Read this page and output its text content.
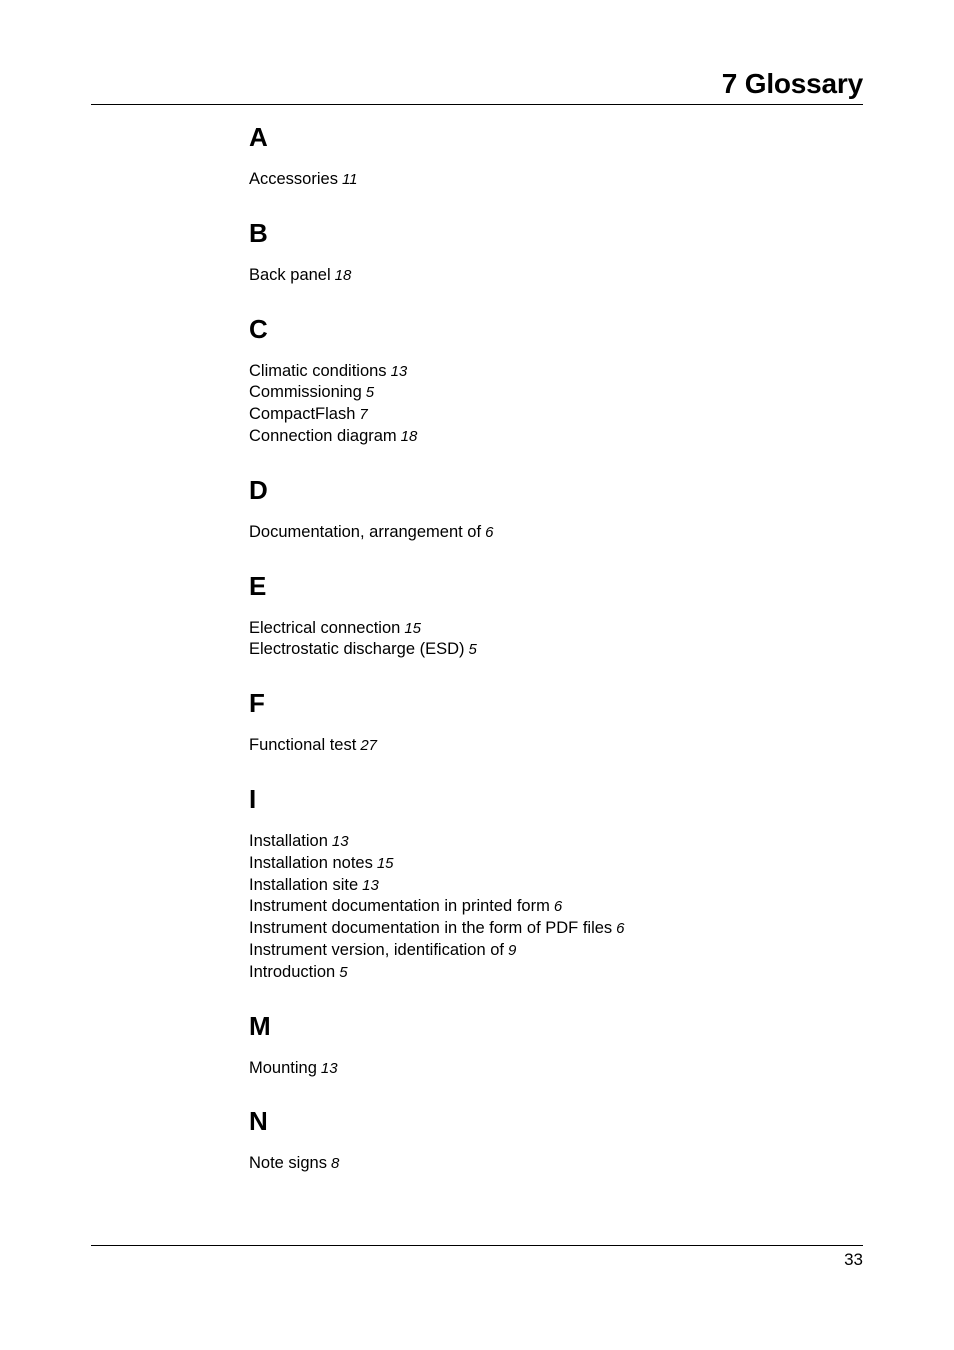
7 Glossary
A
Accessories 11
B
Back panel 18
C
Climatic conditions 13
Commissioning 5
CompactFlash 7
Connection diagram 18
D
Documentation, arrangement of 6
E
Electrical connection 15
Electrostatic discharge (ESD) 5
F
Functional test 27
I
Installation 13
Installation notes 15
Installation site 13
Instrument documentation in printed form 6
Instrument documentation in the form of PDF files 6
Instrument version, identification of 9
Introduction 5
M
Mounting 13
N
Note signs 8
33
